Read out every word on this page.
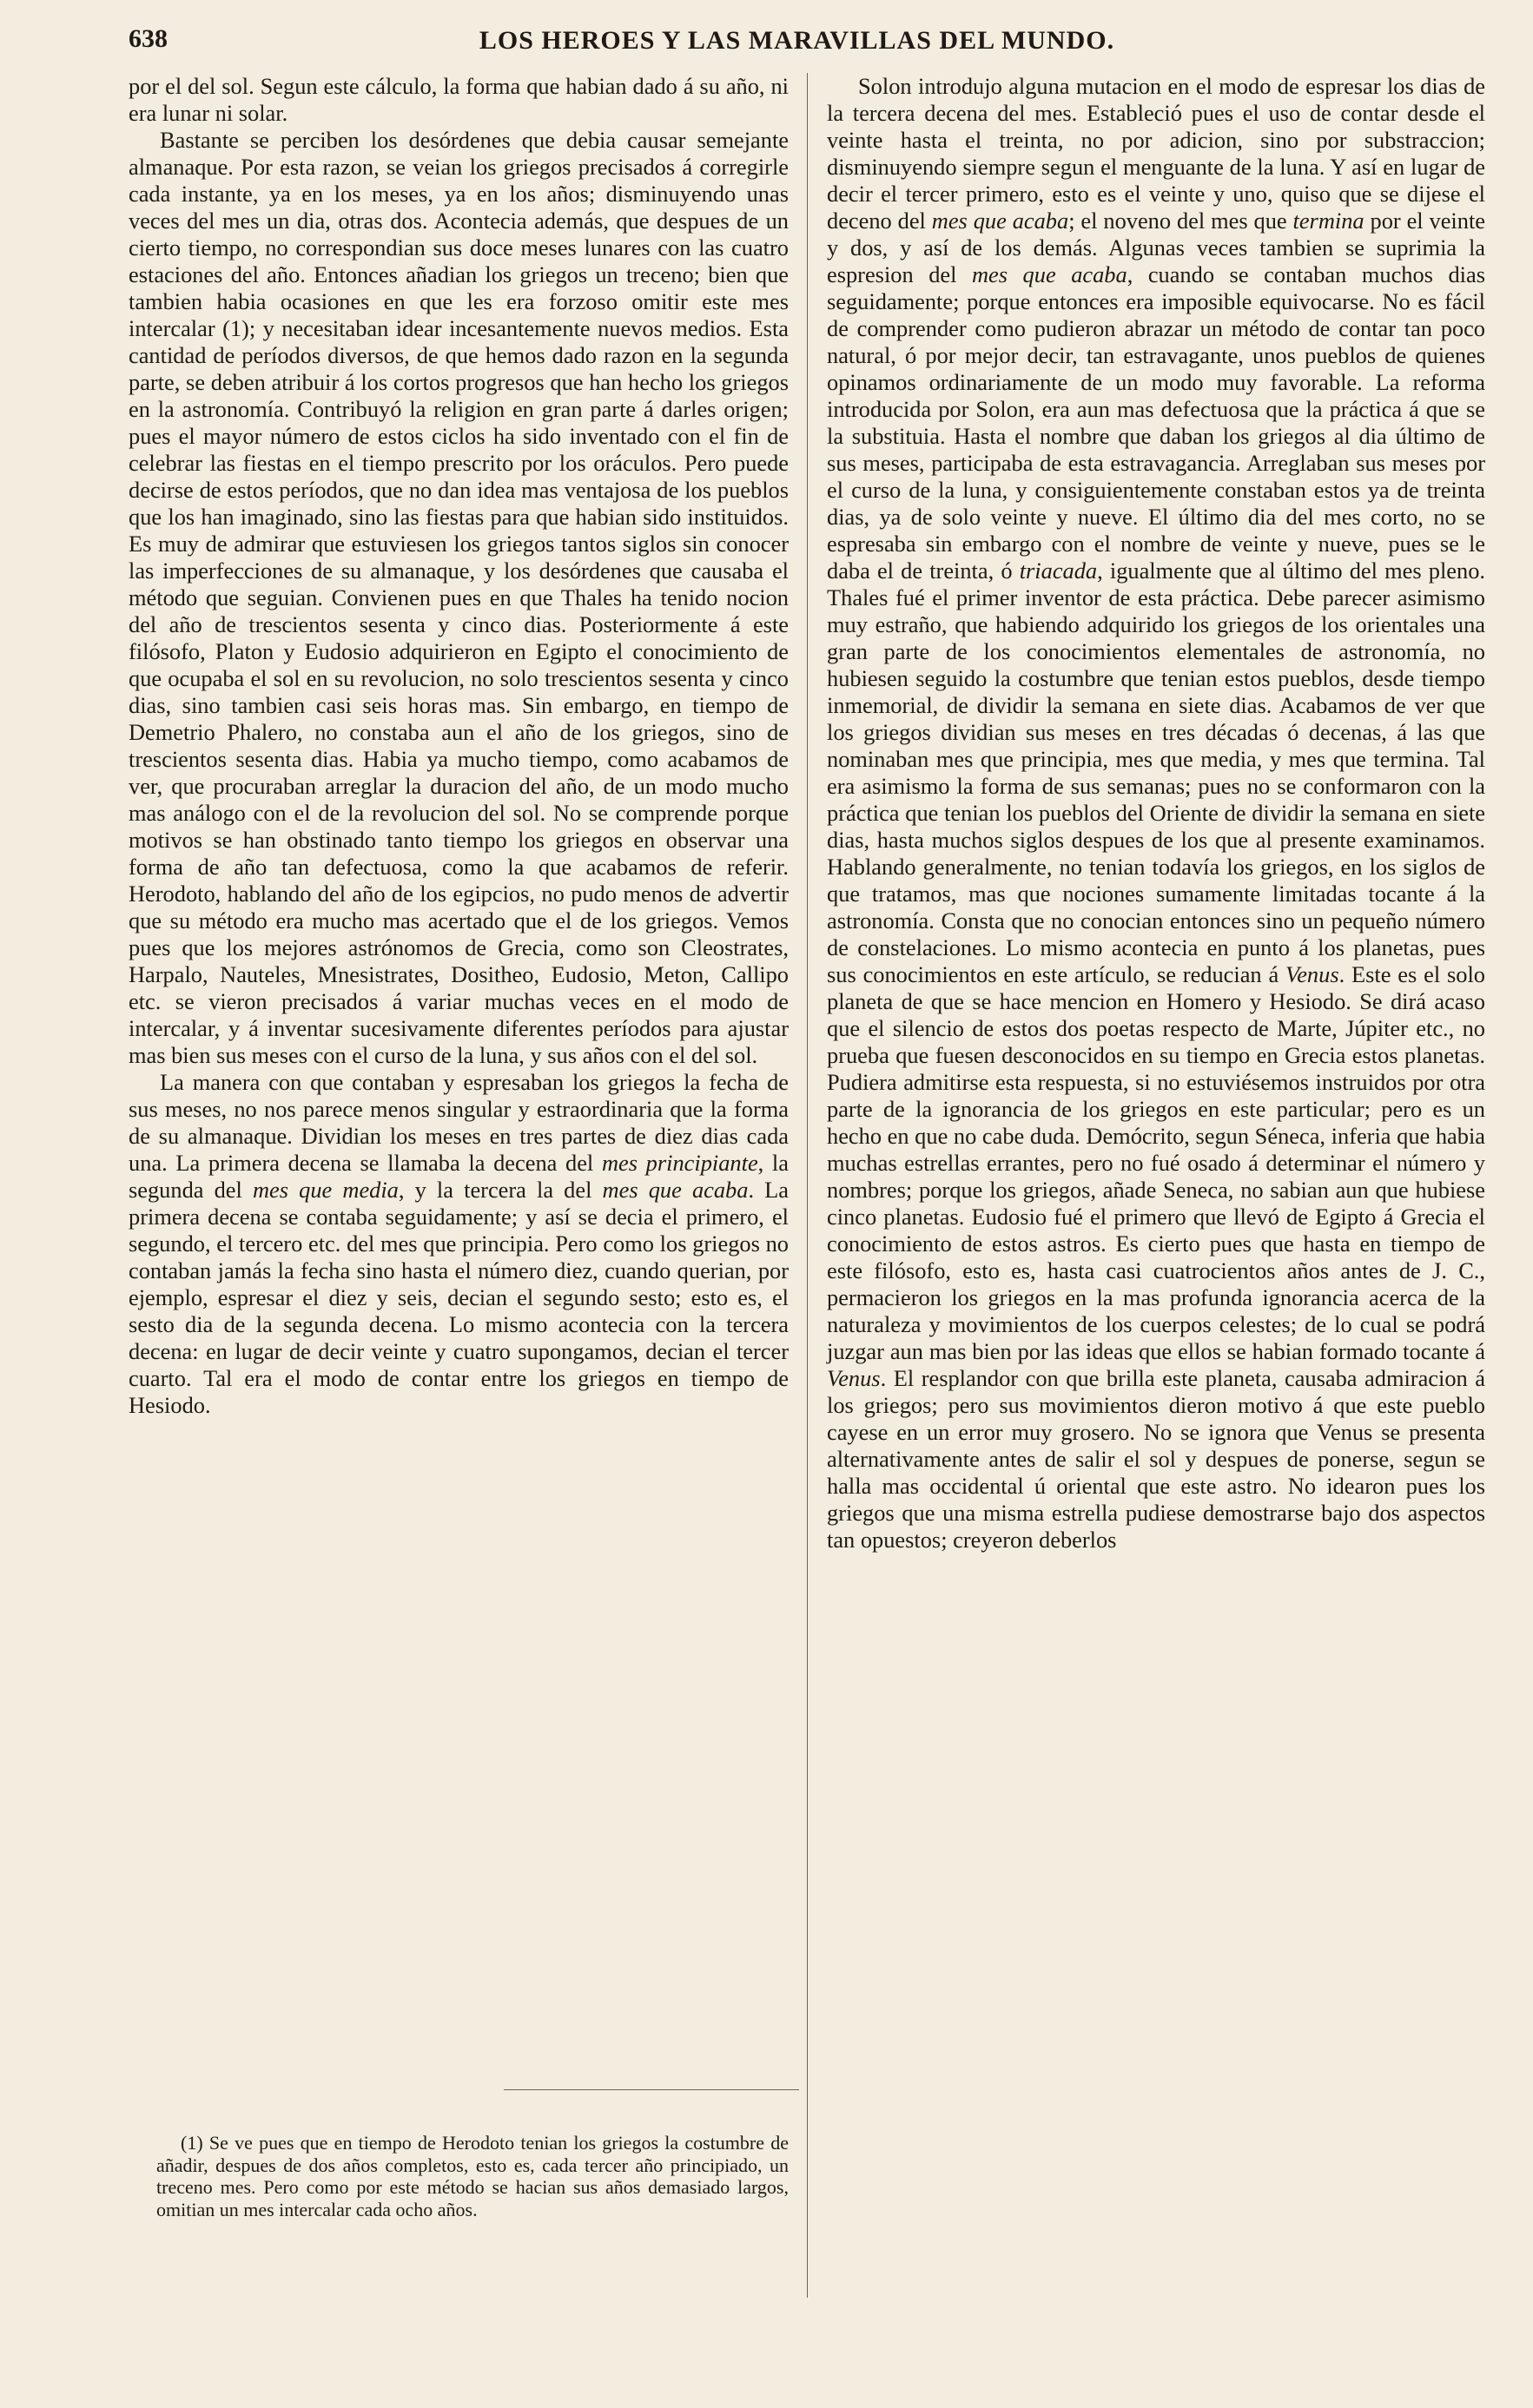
638	LOS HEROES Y LAS MARAVILLAS DEL MUNDO.

por el del sol. Segun este cálculo, la forma que habian dado á su año, ni era lunar ni solar.

Bastante se perciben los desórdenes que debia causar semejante almanaque. Por esta razon, se veian los griegos precisados á corregirle cada instante, ya en los meses, ya en los años; disminuyendo unas veces del mes un dia, otras dos. Acontecia además, que despues de un cierto tiempo, no correspondian sus doce meses lunares con las cuatro estaciones del año. Entonces añadian los griegos un treceno; bien que tambien habia ocasiones en que les era forzoso omitir este mes intercalar (1); y necesitaban idear incesantemente nuevos medios. Esta cantidad de períodos diversos, de que hemos dado razon en la segunda parte, se deben atribuir á los cortos progresos que han hecho los griegos en la astronomía. Contribuyó la religion en gran parte á darles origen; pues el mayor número de estos ciclos ha sido inventado con el fin de celebrar las fiestas en el tiempo prescrito por los oráculos. Pero puede decirse de estos períodos, que no dan idea mas ventajosa de los pueblos que los han imaginado, sino las fiestas para que habian sido instituidos. Es muy de admirar que estuviesen los griegos tantos siglos sin conocer las imperfecciones de su almanaque, y los desórdenes que causaba el método que seguian. Convienen pues en que Thales ha tenido nocion del año de trescientos sesenta y cinco dias. Posteriormente á este filósofo, Platon y Eudosio adquirieron en Egipto el conocimiento de que ocupaba el sol en su revolucion, no solo trescientos sesenta y cinco dias, sino tambien casi seis horas mas. Sin embargo, en tiempo de Demetrio Phalero, no constaba aun el año de los griegos, sino de trescientos sesenta dias. Habia ya mucho tiempo, como acabamos de ver, que procuraban arreglar la duracion del año, de un modo mucho mas análogo con el de la revolucion del sol. No se comprende porque motivos se han obstinado tanto tiempo los griegos en observar una forma de año tan defectuosa, como la que acabamos de referir. Herodoto, hablando del año de los egipcios, no pudo menos de advertir que su método era mucho mas acertado que el de los griegos. Vemos pues que los mejores astrónomos de Grecia, como son Cleostrates, Harpalo, Nauteles, Mnesistrates, Dositheo, Eudosio, Meton, Callipo etc. se vieron precisados á variar muchas veces en el modo de intercalar, y á inventar sucesivamente diferentes períodos para ajustar mas bien sus meses con el curso de la luna, y sus años con el del sol.

La manera con que contaban y espresaban los griegos la fecha de sus meses, no nos parece menos singular y estraordinaria que la forma de su almanaque. Dividian los meses en tres partes de diez dias cada una. La primera decena se llamaba la decena del mes principiante, la segunda del mes que media, y la tercera la del mes que acaba. La primera decena se contaba seguidamente; y así se decia el primero, el segundo, el tercero etc. del mes que principia. Pero como los griegos no contaban jamás la fecha sino hasta el número diez, cuando querian, por ejemplo, espresar el diez y seis, decian el segundo sesto; esto es, el sesto dia de la segunda decena. Lo mismo acontecia con la tercera decena: en lugar de decir veinte y cuatro supongamos, decian el tercer cuarto. Tal era el modo de contar entre los griegos en tiempo de Hesiodo.

(1) Se ve pues que en tiempo de Herodoto tenian los griegos la costumbre de añadir, despues de dos años completos, esto es, cada tercer año principiado, un treceno mes. Pero como por este método se hacian sus años demasiado largos, omitian un mes intercalar cada ocho años.

Solon introdujo alguna mutacion en el modo de espresar los dias de la tercera decena del mes. Estableció pues el uso de contar desde el veinte hasta el treinta, no por adicion, sino por substraccion; disminuyendo siempre segun el menguante de la luna. Y así en lugar de decir el tercer primero, esto es el veinte y uno, quiso que se dijese el deceno del mes que acaba; el noveno del mes que termina por el veinte y dos, y así de los demás. Algunas veces tambien se suprimia la espresion del mes que acaba, cuando se contaban muchos dias seguidamente; porque entonces era imposible equivocarse. No es fácil de comprender como pudieron abrazar un método de contar tan poco natural, ó por mejor decir, tan estravagante, unos pueblos de quienes opinamos ordinariamente de un modo muy favorable. La reforma introducida por Solon, era aun mas defectuosa que la práctica á que se la substituia. Hasta el nombre que daban los griegos al dia último de sus meses, participaba de esta estravagancia. Arreglaban sus meses por el curso de la luna, y consiguientemente constaban estos ya de treinta dias, ya de solo veinte y nueve. El último dia del mes corto, no se espresaba sin embargo con el nombre de veinte y nueve, pues se le daba el de treinta, ó triacada, igualmente que al último del mes pleno. Thales fué el primer inventor de esta práctica. Debe parecer asimismo muy estraño, que habiendo adquirido los griegos de los orientales una gran parte de los conocimientos elementales de astronomía, no hubiesen seguido la costumbre que tenian estos pueblos, desde tiempo inmemorial, de dividir la semana en siete dias. Acabamos de ver que los griegos dividian sus meses en tres décadas ó decenas, á las que nominaban mes que principia, mes que media, y mes que termina. Tal era asimismo la forma de sus semanas; pues no se conformaron con la práctica que tenian los pueblos del Oriente de dividir la semana en siete dias, hasta muchos siglos despues de los que al presente examinamos. Hablando generalmente, no tenian todavía los griegos, en los siglos de que tratamos, mas que nociones sumamente limitadas tocante á la astronomía. Consta que no conocian entonces sino un pequeño número de constelaciones. Lo mismo acontecia en punto á los planetas, pues sus conocimientos en este artículo, se reducian á Venus. Este es el solo planeta de que se hace mencion en Homero y Hesiodo. Se dirá acaso que el silencio de estos dos poetas respecto de Marte, Júpiter etc., no prueba que fuesen desconocidos en su tiempo en Grecia estos planetas. Pudiera admitirse esta respuesta, si no estuviésemos instruidos por otra parte de la ignorancia de los griegos en este particular; pero es un hecho en que no cabe duda. Demócrito, segun Séneca, inferia que habia muchas estrellas errantes, pero no fué osado á determinar el número y nombres; porque los griegos, añade Seneca, no sabian aun que hubiese cinco planetas. Eudosio fué el primero que llevó de Egipto á Grecia el conocimiento de estos astros. Es cierto pues que hasta en tiempo de este filósofo, esto es, hasta casi cuatrocientos años antes de J. C., permacieron los griegos en la mas profunda ignorancia acerca de la naturaleza y movimientos de los cuerpos celestes; de lo cual se podrá juzgar aun mas bien por las ideas que ellos se habian formado tocante á Venus. El resplandor con que brilla este planeta, causaba admiracion á los griegos; pero sus movimientos dieron motivo á que este pueblo cayese en un error muy grosero. No se ignora que Venus se presenta alternativamente antes de salir el sol y despues de ponerse, segun se halla mas occidental ú oriental que este astro. No idearon pues los griegos que una misma estrella pudiese demostrarse bajo dos aspectos tan opuestos; creyeron deberlos
